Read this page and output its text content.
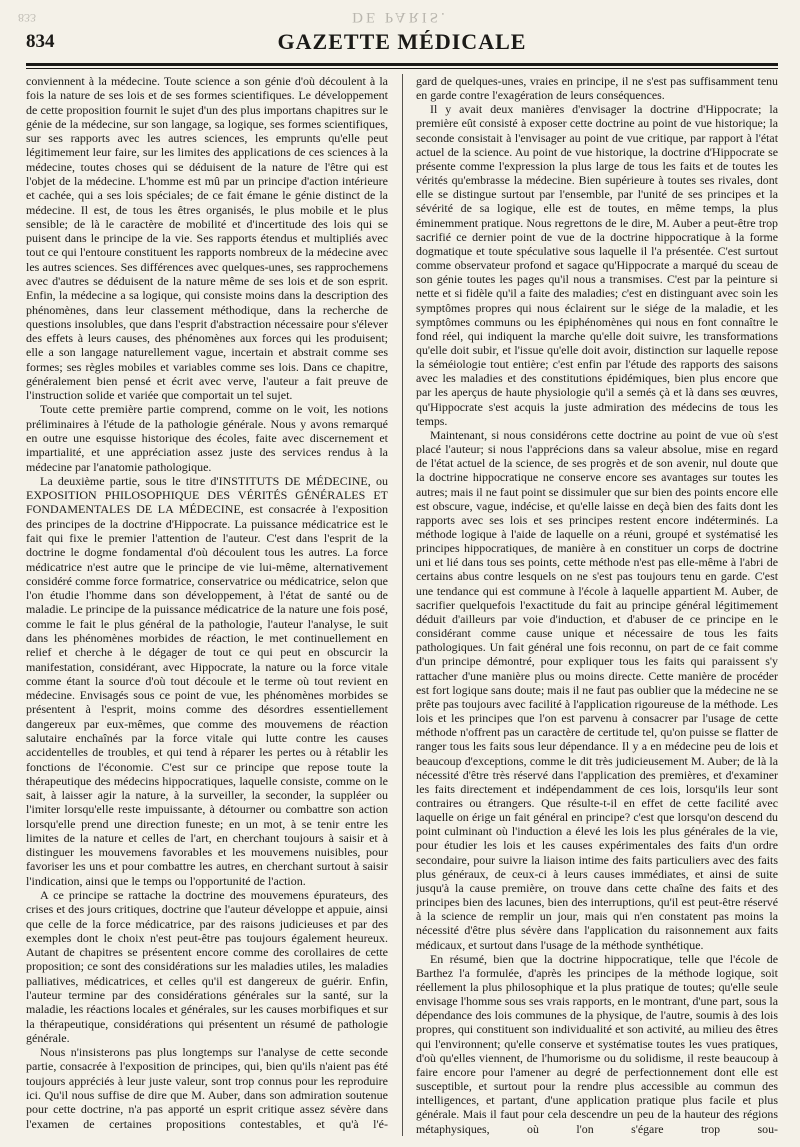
DE PARIS.
833
834	GAZETTE MÉDICALE

conviennent à la médecine. Toute science a son génie d'où découlent à la fois la nature de ses lois et de ses formes scientifiques. Le développement de cette proposition fournit le sujet d'un des plus importans chapitres sur le génie de la médecine, sur son langage, sa logique, ses formes scientifiques, sur ses rapports avec les autres sciences, les emprunts qu'elle peut légitimement leur faire, sur les limites des applications de ces sciences à la médecine, toutes choses qui se déduisent de la nature de l'être qui est l'objet de la médecine. L'homme est mû par un principe d'action intérieure et cachée, qui a ses lois spéciales; de ce fait émane le génie distinct de la médecine. Il est, de tous les êtres organisés, le plus mobile et le plus sensible; de là le caractère de mobilité et d'incertitude des lois qui se puisent dans le principe de la vie. Ses rapports étendus et multipliés avec tout ce qui l'entoure constituent les rapports nombreux de la médecine avec les autres sciences. Ses différences avec quelques-unes, ses rapprochemens avec d'autres se déduisent de la nature même de ses lois et de son esprit. Enfin, la médecine a sa logique, qui consiste moins dans la description des phénomènes, dans leur classement méthodique, dans la recherche de questions insolubles, que dans l'esprit d'abstraction nécessaire pour s'élever des effets à leurs causes, des phénomènes aux forces qui les produisent; elle a son langage naturellement vague, incertain et abstrait comme ses formes; ses règles mobiles et variables comme ses lois. Dans ce chapitre, généralement bien pensé et écrit avec verve, l'auteur a fait preuve de l'instruction solide et variée que comportait un tel sujet.

Toute cette première partie comprend, comme on le voit, les notions préliminaires à l'étude de la pathologie générale. Nous y avons remarqué en outre une esquisse historique des écoles, faite avec discernement et impartialité, et une appréciation assez juste des services rendus à la médecine par l'anatomie pathologique.

La deuxième partie, sous le titre d'INSTITUTS DE MÉDECINE, ou EXPOSITION PHILOSOPHIQUE DES VÉRITÉS GÉNÉRALES ET FONDAMENTALES DE LA MÉDECINE, est consacrée à l'exposition des principes de la doctrine d'Hippocrate. La puissance médicatrice est le fait qui fixe le premier l'attention de l'auteur. C'est dans l'esprit de la doctrine le dogme fondamental d'où découlent tous les autres. La force médicatrice n'est autre que le principe de vie lui-même, alternativement considéré comme force formatrice, conservatrice ou médicatrice, selon que l'on étudie l'homme dans son développement, à l'état de santé ou de maladie. Le principe de la puissance médicatrice de la nature une fois posé, comme le fait le plus général de la pathologie, l'auteur l'analyse, le suit dans les phénomènes morbides de réaction, le met continuellement en relief et cherche à le dégager de tout ce qui peut en obscurcir la manifestation, considérant, avec Hippocrate, la nature ou la force vitale comme étant la source d'où tout découle et le terme où tout revient en médecine. Envisagés sous ce point de vue, les phénomènes morbides se présentent à l'esprit, moins comme des désordres essentiellement dangereux par eux-mêmes, que comme des mouvemens de réaction salutaire enchaînés par la force vitale qui lutte contre les causes accidentelles de troubles, et qui tend à réparer les pertes ou à rétablir les fonctions de l'économie. C'est sur ce principe que repose toute la thérapeutique des médecins hippocratiques, laquelle consiste, comme on le sait, à laisser agir la nature, à la surveiller, la seconder, la suppléer ou l'imiter lorsqu'elle reste impuissante, à détourner ou combattre son action lorsqu'elle prend une direction funeste; en un mot, à se tenir entre les limites de la nature et celles de l'art, en cherchant toujours à saisir et à distinguer les mouvemens favorables et les mouvemens nuisibles, pour favoriser les uns et pour combattre les autres, en cherchant surtout à saisir l'indication, ainsi que le temps ou l'opportunité de l'action.

A ce principe se rattache la doctrine des mouvemens épurateurs, des crises et des jours critiques, doctrine que l'auteur développe et appuie, ainsi que celle de la force médicatrice, par des raisons judicieuses et par des exemples dont le choix n'est peut-être pas toujours également heureux. Autant de chapitres se présentent encore comme des corollaires de cette proposition; ce sont des considérations sur les maladies utiles, les maladies palliatives, médicatrices, et celles qu'il est dangereux de guérir. Enfin, l'auteur termine par des considérations générales sur la santé, sur la maladie, les réactions locales et générales, sur les causes morbifiques et sur la thérapeutique, considérations qui présentent un résumé de pathologie générale.

Nous n'insisterons pas plus longtemps sur l'analyse de cette seconde partie, consacrée à l'exposition de principes, qui, bien qu'ils n'aient pas été toujours appréciés à leur juste valeur, sont trop connus pour les reproduire ici. Qu'il nous suffise de dire que M. Auber, dans son admiration soutenue pour cette doctrine, n'a pas apporté un esprit critique assez sévère dans l'examen de certaines propositions contestables, et qu'à l'é-

gard de quelques-unes, vraies en principe, il ne s'est pas suffisamment tenu en garde contre l'exagération de leurs conséquences.

Il y avait deux manières d'envisager la doctrine d'Hippocrate; la première eût consisté à exposer cette doctrine au point de vue historique; la seconde consistait à l'envisager au point de vue critique, par rapport à l'état actuel de la science. Au point de vue historique, la doctrine d'Hippocrate se présente comme l'expression la plus large de tous les faits et de toutes les vérités qu'embrasse la médecine. Bien supérieure à toutes ses rivales, dont elle se distingue surtout par l'ensemble, par l'unité de ses principes et la sévérité de sa logique, elle est de toutes, en même temps, la plus éminemment pratique. Nous regrettons de le dire, M. Auber a peut-être trop sacrifié ce dernier point de vue de la doctrine hippocratique à la forme dogmatique et toute spéculative sous laquelle il l'a présentée. C'est surtout comme observateur profond et sagace qu'Hippocrate a marqué du sceau de son génie toutes les pages qu'il nous a transmises. C'est par la peinture si nette et si fidèle qu'il a faite des maladies; c'est en distinguant avec soin les symptômes propres qui nous éclairent sur le siége de la maladie, et les symptômes communs ou les épiphénomènes qui nous en font connaître le fond réel, qui indiquent la marche qu'elle doit suivre, les transformations qu'elle doit subir, et l'issue qu'elle doit avoir, distinction sur laquelle repose la séméiologie tout entière; c'est enfin par l'étude des rapports des saisons avec les maladies et des constitutions épidémiques, bien plus encore que par les aperçus de haute physiologie qu'il a semés çà et là dans ses œuvres, qu'Hippocrate s'est acquis la juste admiration des médecins de tous les temps.

Maintenant, si nous considérons cette doctrine au point de vue où s'est placé l'auteur; si nous l'apprécions dans sa valeur absolue, mise en regard de l'état actuel de la science, de ses progrès et de son avenir, nul doute que la doctrine hippocratique ne conserve encore ses avantages sur toutes les autres; mais il ne faut point se dissimuler que sur bien des points encore elle est obscure, vague, indécise, et qu'elle laisse en deçà bien des faits dont les rapports avec ses lois et ses principes restent encore indéterminés. La méthode logique à l'aide de laquelle on a réuni, groupé et systématisé les principes hippocratiques, de manière à en constituer un corps de doctrine uni et lié dans tous ses points, cette méthode n'est pas elle-même à l'abri de certains abus contre lesquels on ne s'est pas toujours tenu en garde. C'est une tendance qui est commune à l'école à laquelle appartient M. Auber, de sacrifier quelquefois l'exactitude du fait au principe général légitimement déduit d'ailleurs par voie d'induction, et d'abuser de ce principe en le considérant comme cause unique et nécessaire de tous les faits pathologiques. Un fait général une fois reconnu, on part de ce fait comme d'un principe démontré, pour expliquer tous les faits qui paraissent s'y rattacher d'une manière plus ou moins directe. Cette manière de procéder est fort logique sans doute; mais il ne faut pas oublier que la médecine ne se prête pas toujours avec facilité à l'application rigoureuse de la méthode. Les lois et les principes que l'on est parvenu à consacrer par l'usage de cette méthode n'offrent pas un caractère de certitude tel, qu'on puisse se flatter de ranger tous les faits sous leur dépendance. Il y a en médecine peu de lois et beaucoup d'exceptions, comme le dit très judicieusement M. Auber; de là la nécessité d'être très réservé dans l'application des premières, et d'examiner les faits directement et indépendamment de ces lois, lorsqu'ils leur sont contraires ou étrangers. Que résulte-t-il en effet de cette facilité avec laquelle on érige un fait général en principe? c'est que lorsqu'on descend du point culminant où l'induction a élevé les lois les plus générales de la vie, pour étudier les lois et les causes expérimentales des faits d'un ordre secondaire, pour suivre la liaison intime des faits particuliers avec des faits plus généraux, de ceux-ci à leurs causes immédiates, et ainsi de suite jusqu'à la cause première, on trouve dans cette chaîne des faits et des principes bien des lacunes, bien des interruptions, qu'il est peut-être réservé à la science de remplir un jour, mais qui n'en constatent pas moins la nécessité d'être plus sévère dans l'application du raisonnement aux faits médicaux, et surtout dans l'usage de la méthode synthétique.

En résumé, bien que la doctrine hippocratique, telle que l'école de Barthez l'a formulée, d'après les principes de la méthode logique, soit réellement la plus philosophique et la plus pratique de toutes; qu'elle seule envisage l'homme sous ses vrais rapports, en le montrant, d'une part, sous la dépendance des lois communes de la physique, de l'autre, soumis à des lois propres, qui constituent son individualité et son activité, au milieu des êtres qui l'environnent; qu'elle conserve et systématise toutes les vues pratiques, d'où qu'elles viennent, de l'humorisme ou du solidisme, il reste beaucoup à faire encore pour l'amener au degré de perfectionnement dont elle est susceptible, et surtout pour la rendre plus accessible au commun des intelligences, et partant, d'une application pratique plus facile et plus générale. Mais il faut pour cela descendre un peu de la hauteur des régions métaphysiques, où l'on s'égare trop sou-
